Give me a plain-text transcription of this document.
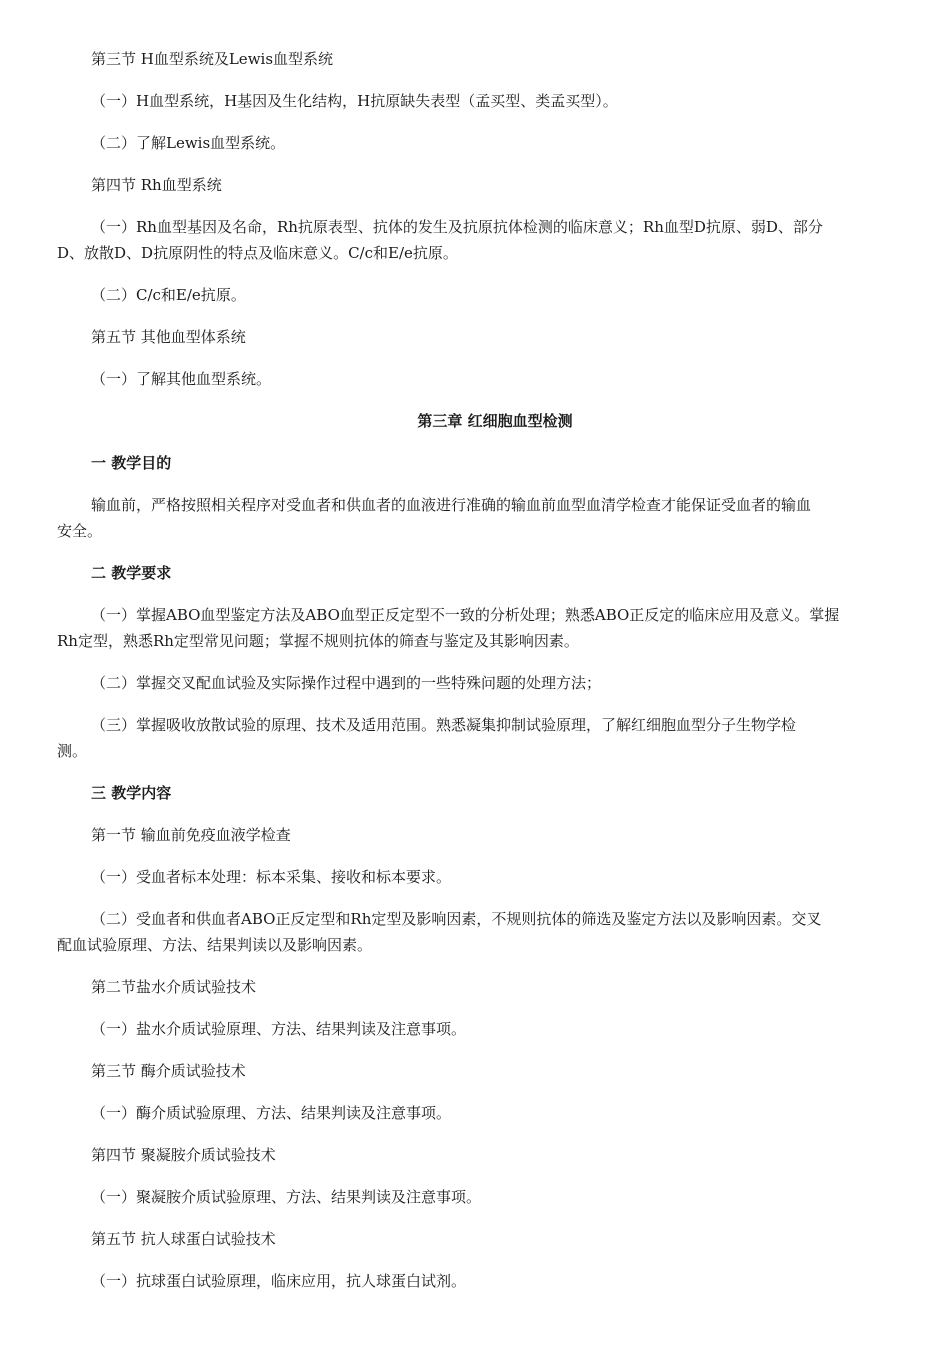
第三节 H血型系统及Lewis血型系统
（一）H血型系统，H基因及生化结构，H抗原缺失表型（孟买型、类孟买型）。
（二）了解Lewis血型系统。
第四节 Rh血型系统
（一）Rh血型基因及名命，Rh抗原表型、抗体的发生及抗原抗体检测的临床意义；Rh血型D抗原、弱D、部分
D、放散D、D抗原阴性的特点及临床意义。C/c和E/e抗原。
（二）C/c和E/e抗原。
第五节 其他血型体系统
（一）了解其他血型系统。
第三章 红细胞血型检测
一 教学目的
输血前，严格按照相关程序对受血者和供血者的血液进行准确的输血前血型血清学检查才能保证受血者的输血
安全。
二 教学要求
（一）掌握ABO血型鉴定方法及ABO血型正反定型不一致的分析处理；熟悉ABO正反定的临床应用及意义。掌握
Rh定型，熟悉Rh定型常见问题；掌握不规则抗体的筛查与鉴定及其影响因素。
（二）掌握交叉配血试验及实际操作过程中遇到的一些特殊问题的处理方法；
（三）掌握吸收放散试验的原理、技术及适用范围。熟悉凝集抑制试验原理，了解红细胞血型分子生物学检
测。
三 教学内容
第一节 输血前免疫血液学检查
（一）受血者标本处理：标本采集、接收和标本要求。
（二）受血者和供血者ABO正反定型和Rh定型及影响因素，不规则抗体的筛选及鉴定方法以及影响因素。交叉
配血试验原理、方法、结果判读以及影响因素。
第二节盐水介质试验技术
（一）盐水介质试验原理、方法、结果判读及注意事项。
第三节 酶介质试验技术
（一）酶介质试验原理、方法、结果判读及注意事项。
第四节 聚凝胺介质试验技术
（一）聚凝胺介质试验原理、方法、结果判读及注意事项。
第五节 抗人球蛋白试验技术
（一）抗球蛋白试验原理，临床应用，抗人球蛋白试剂。
